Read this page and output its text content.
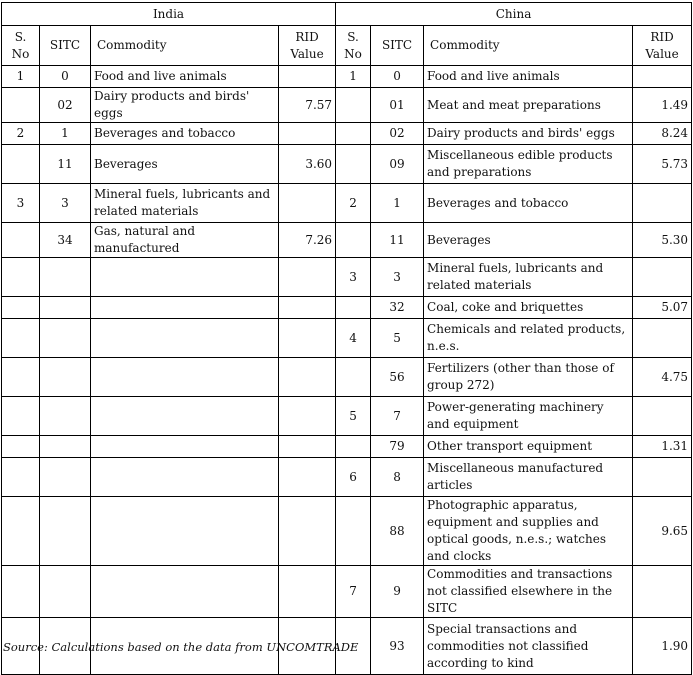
India				China			
S. No	SITC	Commodity	RID Value	S. No	SITC	Commodity	RID Value
1	0	Food and live animals		1	0	Food and live animals	
	02	Dairy products and birds' eggs	7.57		01	Meat and meat preparations	1.49
2	1	Beverages and tobacco			02	Dairy products and birds' eggs	8.24
	11	Beverages	3.60		09	Miscellaneous edible products and preparations	5.73
3	3	Mineral fuels, lubricants and related materials		2	1	Beverages and tobacco	
	34	Gas, natural and manufactured	7.26		11	Beverages	5.30
				3	3	Mineral fuels, lubricants and related materials	
					32	Coal, coke and briquettes	5.07
				4	5	Chemicals and related products, n.e.s.	
					56	Fertilizers (other than those of group 272)	4.75
				5	7	Power-generating machinery and equipment	
					79	Other transport equipment	1.31
				6	8	Miscellaneous manufactured articles	
					88	Photographic apparatus, equipment and supplies and optical goods, n.e.s.; watches and clocks	9.65
				7	9	Commodities and transactions not classified elsewhere in the SITC	
					93	Special transactions and commodities not classified according to kind	1.90
Source: Calculations based on the data from UNCOMTRADE
